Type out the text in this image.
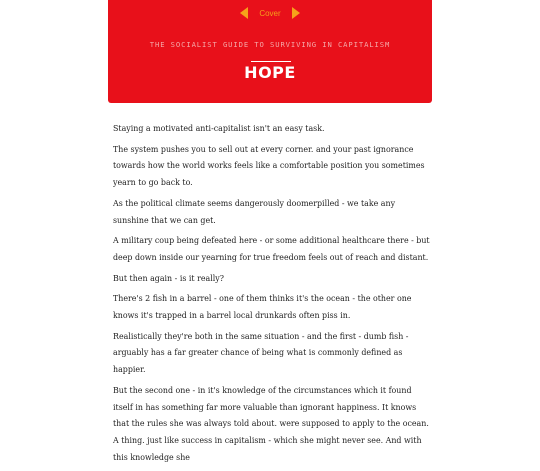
Cover
THE SOCIALIST GUIDE TO SURVIVING IN CAPITALISM
HOPE

Staying a motivated anti-capitalist isn't an easy task.

The system pushes you to sell out at every corner. and your past ignorance towards how the world works feels like a comfortable position you sometimes yearn to go back to.

As the political climate seems dangerously doomerpilled - we take any sunshine that we can get.

A military coup being defeated here - or some additional healthcare there - but deep down inside our yearning for true freedom feels out of reach and distant.

But then again - is it really?

There's 2 fish in a barrel - one of them thinks it's the ocean - the other one knows it's trapped in a barrel local drunkards often piss in.

Realistically they're both in the same situation - and the first - dumb fish - arguably has a far greater chance of being what is commonly defined as happier.

But the second one - in it's knowledge of the circumstances which it found itself in has something far more valuable than ignorant happiness. It knows that the rules she was always told about. were supposed to apply to the ocean. A thing. just like success in capitalism - which she might never see. And with this knowledge she
